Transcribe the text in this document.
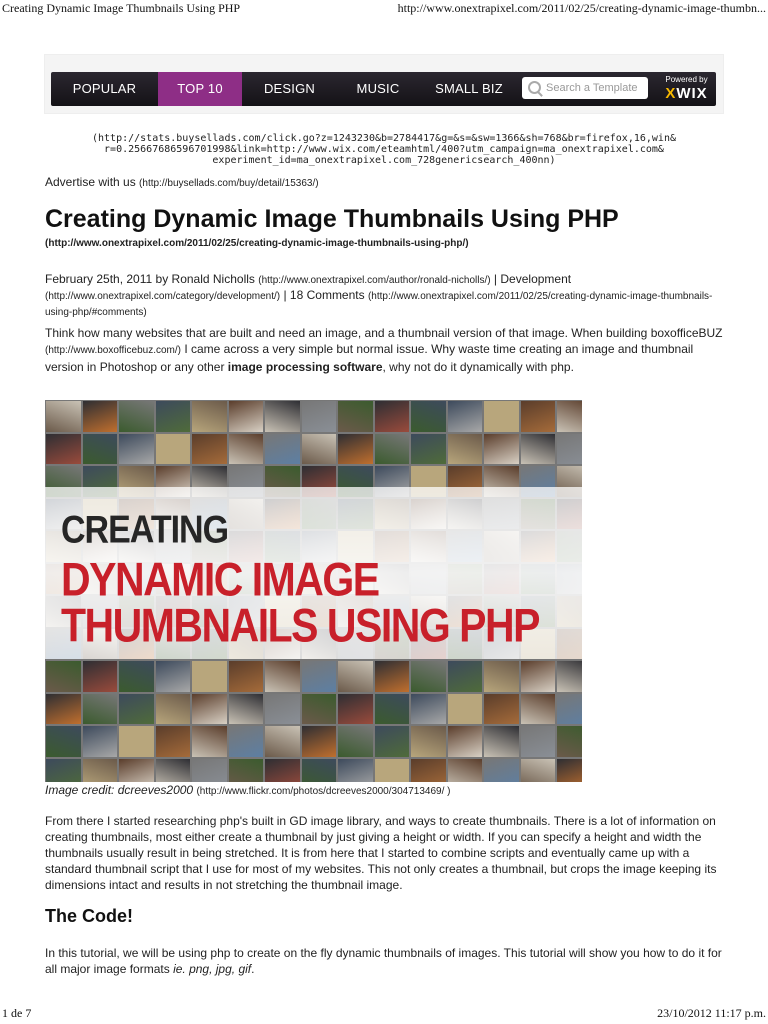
Creating Dynamic Image Thumbnails Using PHP	http://www.onextrapixel.com/2011/02/25/creating-dynamic-image-thumbn...
POPULAR	TOP 10	DESIGN	MUSIC	SMALL BIZ	Search a Template
Powered by
XWIX
(http://stats.buysellads.com/click.go?z=1243230&b=2784417&g=&s=&sw=1366&sh=768&br=firefox,16,win& r=0.25667686596701998&link=http://www.wix.com/eteamhtml/400?utm_campaign=ma_onextrapixel.com& experiment_id=ma_onextrapixel.com_728genericsearch_400nn)
Advertise with us (http://buysellads.com/buy/detail/15363/)
Creating Dynamic Image Thumbnails Using PHP
(http://www.onextrapixel.com/2011/02/25/creating-dynamic-image-thumbnails-using-php/)
February 25th, 2011 by Ronald Nicholls (http://www.onextrapixel.com/author/ronald-nicholls/) | Development (http://www.onextrapixel.com/category/development/) | 18 Comments (http://www.onextrapixel.com/2011/02/25/creating-dynamic-image-thumbnails-using-php/#comments)

Think how many websites that are built and need an image, and a thumbnail version of that image. When building boxofficeBUZ (http://www.boxofficebuz.com/) I came across a very simple but normal issue. Why waste time creating an image and thumbnail version in Photoshop or any other image processing software, why not do it dynamically with php.

CREATING
DYNAMIC IMAGE
THUMBNAILS USING PHP
Image credit: dcreeves2000 (http://www.flickr.com/photos/dcreeves2000/304713469/ )

From there I started researching php's built in GD image library, and ways to create thumbnails. There is a lot of information on creating thumbnails, most either create a thumbnail by just giving a height or width. If you can specify a height and width the thumbnails usually result in being stretched. It is from here that I started to combine scripts and eventually came up with a standard thumbnail script that I use for most of my websites. This not only creates a thumbnail, but crops the image keeping its dimensions intact and results in not stretching the thumbnail image.

The Code!

In this tutorial, we will be using php to create on the fly dynamic thumbnails of images. This tutorial will show you how to do it for all major image formats ie. png, jpg, gif.

1 de 7	23/10/2012 11:17 p.m.
